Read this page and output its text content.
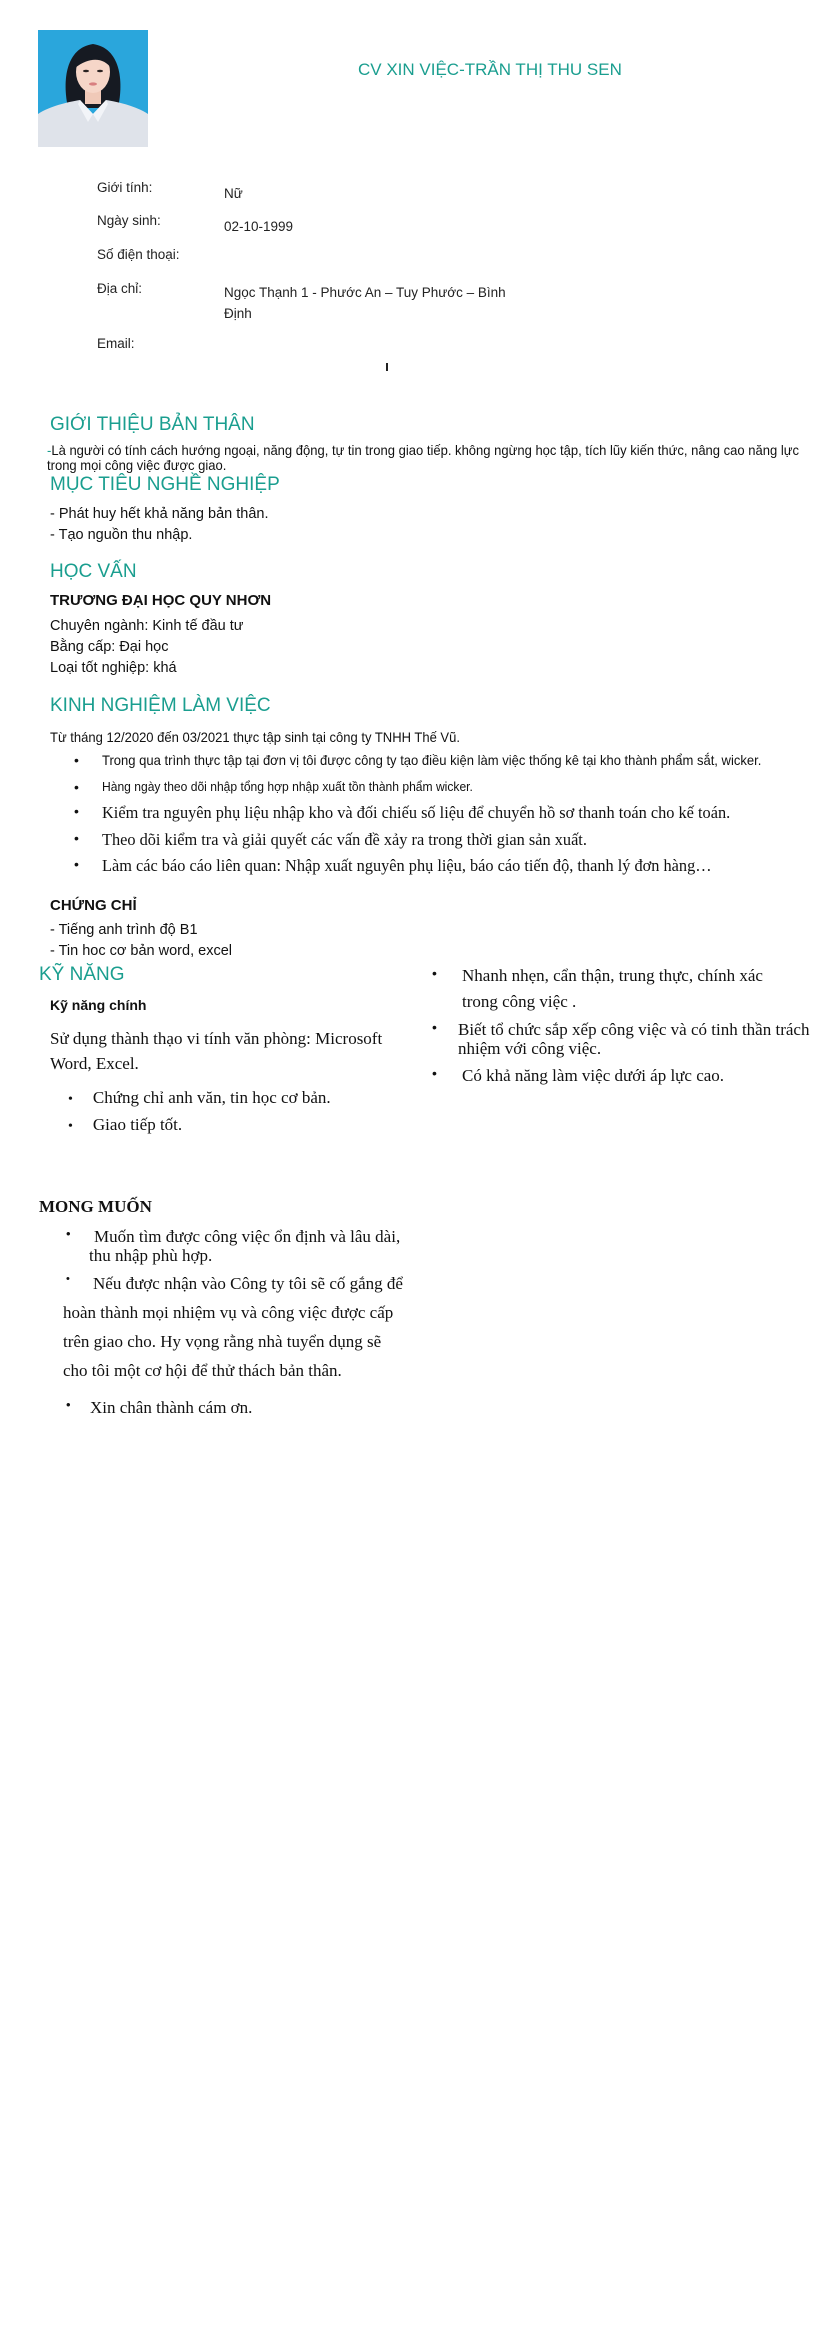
CV XIN VIỆC-TRẦN THỊ THU SEN
Giới tính:	Nữ
Ngày sinh:	02-10-1999
Số điện thoại:
Địa chỉ:	Ngọc Thạnh 1 - Phước An – Tuy Phước – Bình Định
Email:
GIỚI THIỆU BẢN THÂN
-Là người có tính cách hướng ngoại, năng động, tự tin trong giao tiếp. không ngừng học tập, tích lũy kiến thức, nâng cao năng lực trong mọi công việc được giao.
MỤC TIÊU NGHỀ NGHIỆP
- Phát huy hết khả năng bản thân.
- Tạo nguồn thu nhập.
HỌC VẤN
TRƯƠNG ĐẠI HỌC QUY NHƠN
Chuyên ngành: Kinh tế đầu tư
Bằng cấp: Đại học
Loại tốt nghiệp: khá
KINH NGHIỆM LÀM VIỆC
Từ tháng 12/2020 đến 03/2021 thực tập sinh tại công ty TNHH Thế Vũ.
• Trong qua trình thực tập tại đơn vị tôi được công ty tạo điều kiện làm việc thống kê tại kho thành phẩm sắt, wicker.
• Hàng ngày theo dõi nhập tổng hợp nhập xuất tồn thành phẩm wicker.
• Kiểm tra nguyên phụ liệu nhập kho và đối chiếu số liệu để chuyển hồ sơ thanh toán cho kế toán.
• Theo dõi kiểm tra và giải quyết các vấn đề xảy ra trong thời gian sản xuất.
• Làm các báo cáo liên quan: Nhập xuất nguyên phụ liệu, báo cáo tiến độ, thanh lý đơn hàng…
CHỨNG CHỈ
- Tiếng anh trình độ B1
- Tin hoc cơ bản word, excel
KỸ NĂNG
Kỹ năng chính
Sử dụng thành thạo vi tính văn phòng: Microsoft
Word, Excel.
• Chứng chỉ anh văn, tin học cơ bản.
• Giao tiếp tốt.
• Nhanh nhẹn, cẩn thận, trung thực, chính xác
trong công việc .
• Biết tổ chức sắp xếp công việc và có tinh thần trách
nhiệm với công việc.
• Có khả năng làm việc dưới áp lực cao.
MONG MUỐN
• Muốn tìm được công việc ổn định và lâu dài,
thu nhập phù hợp.
• Nếu được nhận vào Công ty tôi sẽ cố gắng để
hoàn thành mọi nhiệm vụ và công việc được cấp
trên giao cho. Hy vọng rằng nhà tuyển dụng sẽ
cho tôi một cơ hội để thử thách bản thân.
• Xin chân thành cám ơn.
